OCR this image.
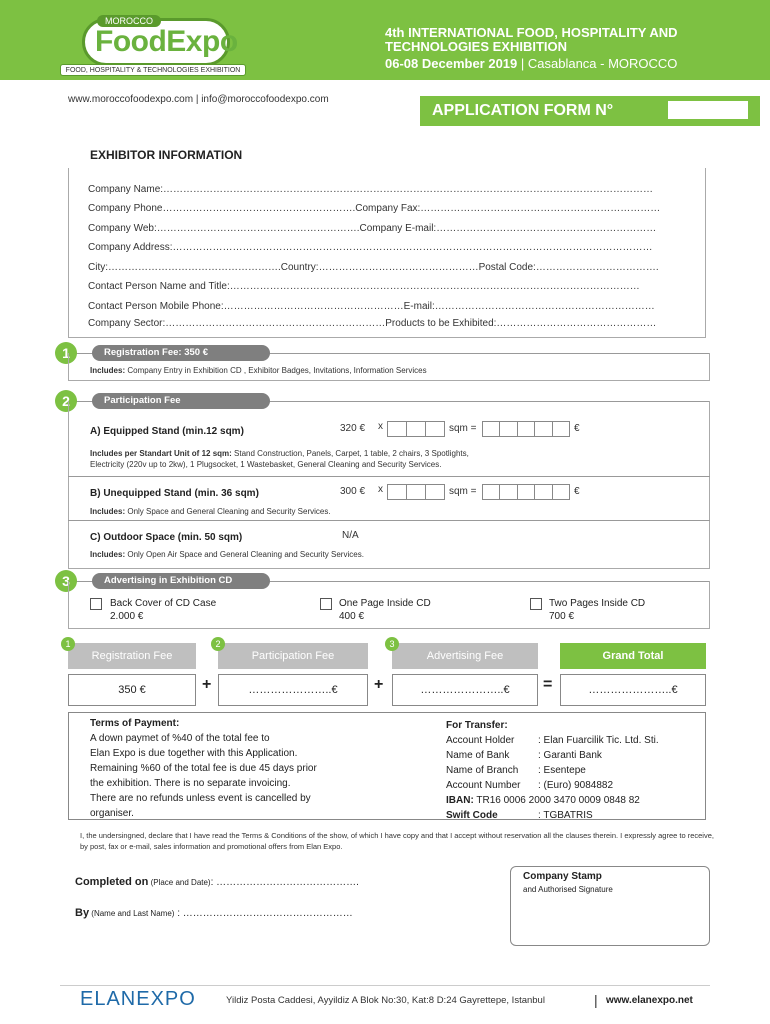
MOROCCO
FoodExpo
FOOD, HOSPITALITY & TECHNOLOGIES EXHIBITION
4th INTERNATIONAL FOOD, HOSPITALITY AND
TECHNOLOGIES EXHIBITION
06-08 December 2019 | Casablanca - MOROCCO
www.moroccofoodexpo.com | info@moroccofoodexpo.com
APPLICATION FORM N°
EXHIBITOR INFORMATION
Company Name:…………………………………………………………………………………………………………………………………
Company Phone………………………………………………….Company Fax:………………………………………………………………
Company Web:…………………………………………………….Company E-mail:…………………………………………………………
Company Address:………………………………………………………………………………………………………………………………
City:…………………………………………….Country:…………………………………………Postal Code:……………………………….
Contact Person Name and Title:……………………………………………………………………………………………………………
Contact Person Mobile Phone:………………………………………………E-mail:…………………………………………………………
Company Sector:…………………………………………………………Products to be Exhibited:…………………………………………
1	Registration Fee: 350 €
Includes: Company Entry in Exhibition CD , Exhibitor Badges, Invitations, Information Services
2	Participation Fee
A) Equipped Stand (min.12 sqm)	320 € x	sqm =	€
Includes per Standart Unit of 12 sqm: Stand Construction, Panels, Carpet, 1 table, 2 chairs, 3 Spotlights,
Electricity (220v up to 2kw), 1 Plugsocket, 1 Wastebasket, General Cleaning and Security Services.
B) Unequipped Stand (min. 36 sqm)	300 € x	sqm =	€
Includes: Only Space and General Cleaning and Security Services.
C) Outdoor Space (min. 50 sqm)	N/A
Includes: Only Open Air Space and General Cleaning and Security Services.
3	Advertising in Exhibition CD
Back Cover of CD Case
2.000 €
One Page Inside CD
400 €
Two Pages Inside CD
700 €
Registration Fee	Participation Fee	Advertising Fee	Grand Total
1	2	3
350 €	+	…………………..€	+	…………………..€	=	…………………..€
Terms of Payment:
A down paymet of %40 of the total fee to
Elan Expo is due together with this Application.
Remaining %60 of the total fee is due 45 days prior
the exhibition. There is no separate invoicing.
There are no refunds unless event is cancelled by
organiser.
For Transfer:
Account Holder : Elan Fuarcilik Tic. Ltd. Sti.
Name of Bank	: Garanti Bank
Name of Branch : Esentepe
Account Number : (Euro) 9084882
IBAN: TR16 0006 2000 3470 0009 0848 82
Swift Code	: TGBATRIS
I, the undersingned, declare that I have read the Terms & Conditions of the show, of which I have copy and that I accept without reservation all the clauses therein. I expressly agree to receive, by post, fax or e-mail, sales information and promotional offers from Elan Expo.
Completed on (Place and Date): …………………………………….
By (Name and Last Name) : ……………………………………………
Company Stamp
and Authorised Signature
ELANEXPO	Yildiz Posta Caddesi, Ayyildiz A Blok No:30, Kat:8 D:24 Gayrettepe, Istanbul	| www.elanexpo.net
